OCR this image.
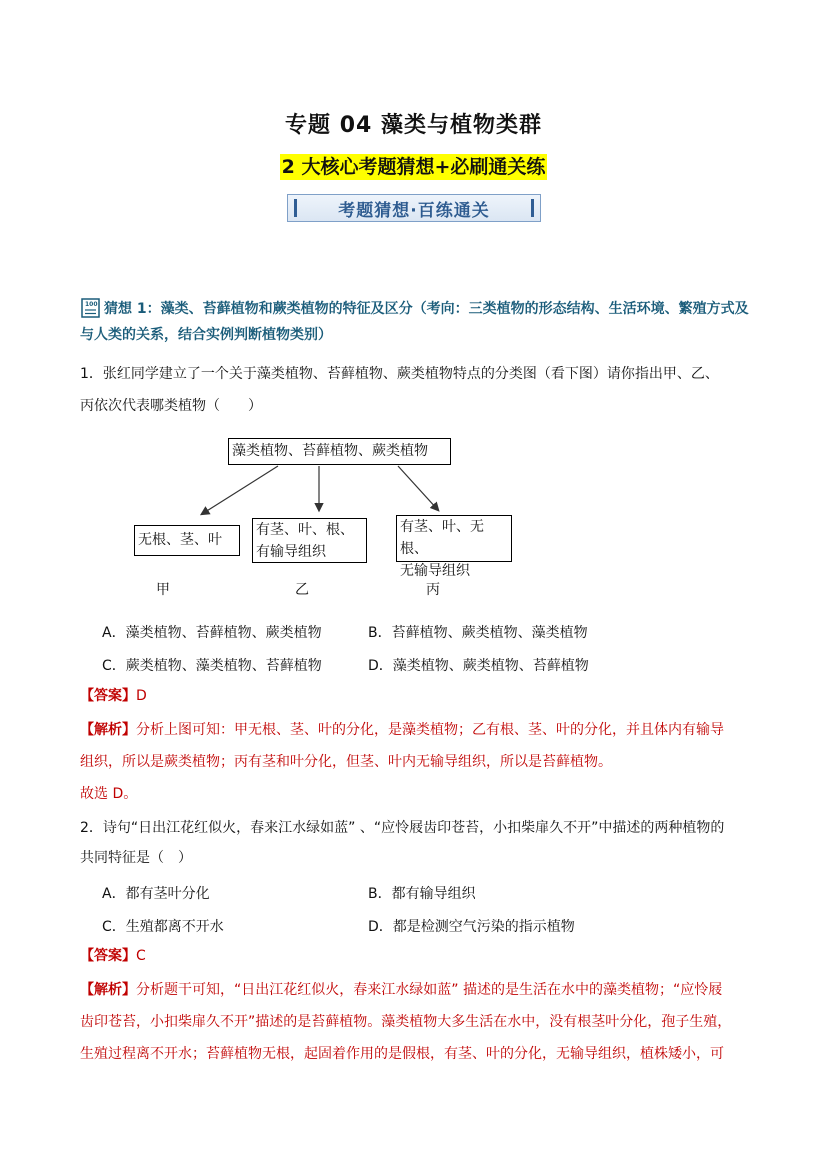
专题 04 藻类与植物类群
2 大核心考题猜想+必刷通关练
考题猜想·百练通关
100 猜想 1：藻类、苔藓植物和蕨类植物的特征及区分（考向：三类植物的形态结构、生活环境、繁殖方式及与人类的关系，结合实例判断植物类别）
1．张红同学建立了一个关于藻类植物、苔藓植物、蕨类植物特点的分类图（看下图）请你指出甲、乙、
丙依次代表哪类植物（　　）
藻类植物、苔藓植物、蕨类植物
无根、茎、叶
有茎、叶、根、
有输导组织
有茎、叶、无根、
无输导组织
甲	乙	丙
A．藻类植物、苔藓植物、蕨类植物	B．苔藓植物、蕨类植物、藻类植物
C．蕨类植物、藻类植物、苔藓植物	D．藻类植物、蕨类植物、苔藓植物
【答案】D
【解析】分析上图可知：甲无根、茎、叶的分化，是藻类植物；乙有根、茎、叶的分化，并且体内有输导
组织，所以是蕨类植物；丙有茎和叶分化，但茎、叶内无输导组织，所以是苔藓植物。
故选 D。
2．诗句“日出江花红似火，春来江水绿如蓝” 、“应怜屐齿印苍苔，小扣柴扉久不开”中描述的两种植物的
共同特征是（　）
A．都有茎叶分化	B．都有输导组织
C．生殖都离不开水	D．都是检测空气污染的指示植物
【答案】C
【解析】分析题干可知，“日出江花红似火，春来江水绿如蓝” 描述的是生活在水中的藻类植物；“应怜屐
齿印苍苔，小扣柴扉久不开”描述的是苔藓植物。藻类植物大多生活在水中，没有根茎叶分化，孢子生殖，
生殖过程离不开水；苔藓植物无根，起固着作用的是假根，有茎、叶的分化，无输导组织，植株矮小，可
